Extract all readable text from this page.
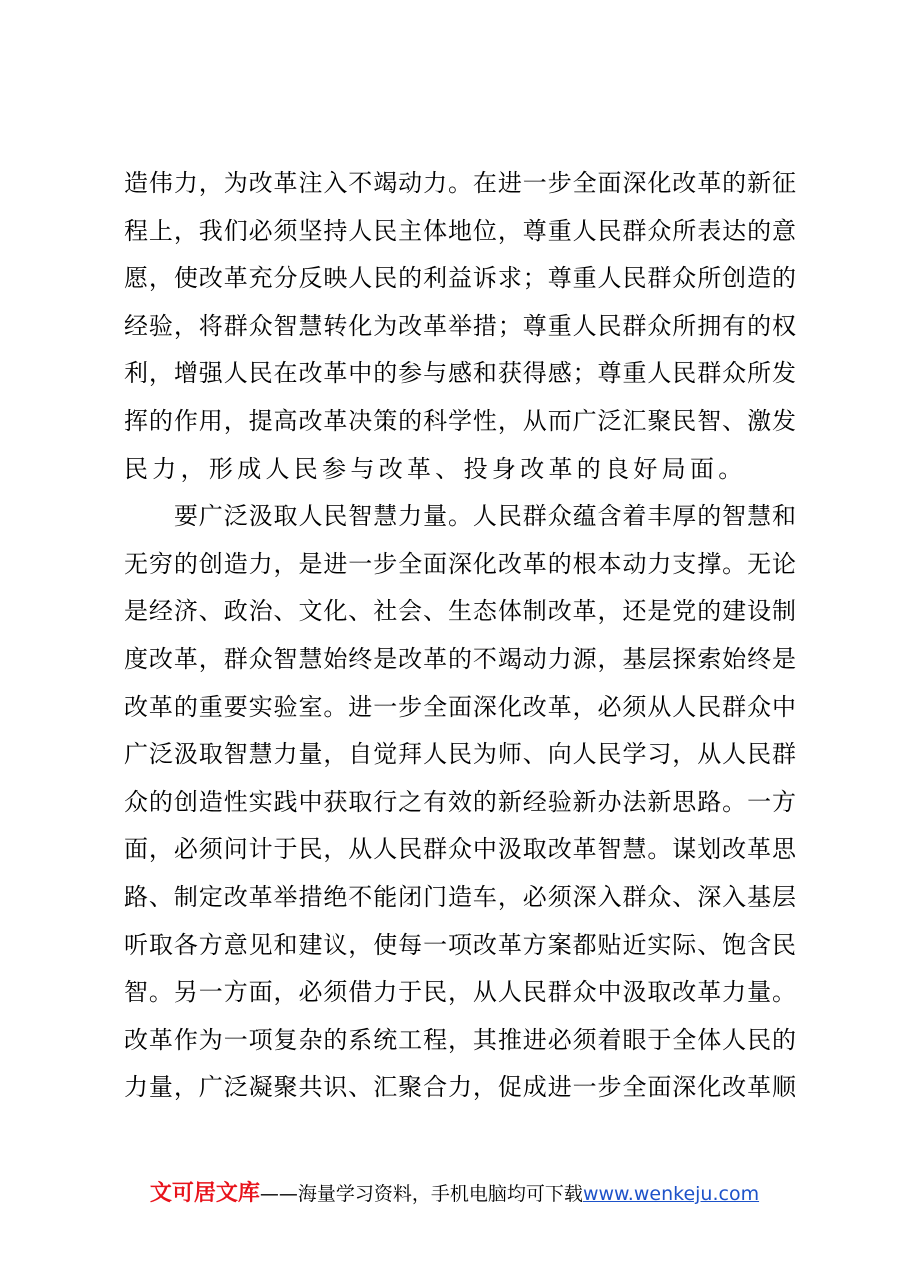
造伟力，为改革注入不竭动力。在进一步全面深化改革的新征
程上，我们必须坚持人民主体地位，尊重人民群众所表达的意
愿，使改革充分反映人民的利益诉求；尊重人民群众所创造的
经验，将群众智慧转化为改革举措；尊重人民群众所拥有的权
利，增强人民在改革中的参与感和获得感；尊重人民群众所发
挥的作用，提高改革决策的科学性，从而广泛汇聚民智、激发
民力，形成人民参与改革、投身改革的良好局面。
　　要广泛汲取人民智慧力量。人民群众蕴含着丰厚的智慧和
无穷的创造力，是进一步全面深化改革的根本动力支撑。无论
是经济、政治、文化、社会、生态体制改革，还是党的建设制
度改革，群众智慧始终是改革的不竭动力源，基层探索始终是
改革的重要实验室。进一步全面深化改革，必须从人民群众中
广泛汲取智慧力量，自觉拜人民为师、向人民学习，从人民群
众的创造性实践中获取行之有效的新经验新办法新思路。一方
面，必须问计于民，从人民群众中汲取改革智慧。谋划改革思
路、制定改革举措绝不能闭门造车，必须深入群众、深入基层
听取各方意见和建议，使每一项改革方案都贴近实际、饱含民
智。另一方面，必须借力于民，从人民群众中汲取改革力量。
改革作为一项复杂的系统工程，其推进必须着眼于全体人民的
力量，广泛凝聚共识、汇聚合力，促成进一步全面深化改革顺
文可居文库——海量学习资料，手机电脑均可下载www.wenkeju.com
